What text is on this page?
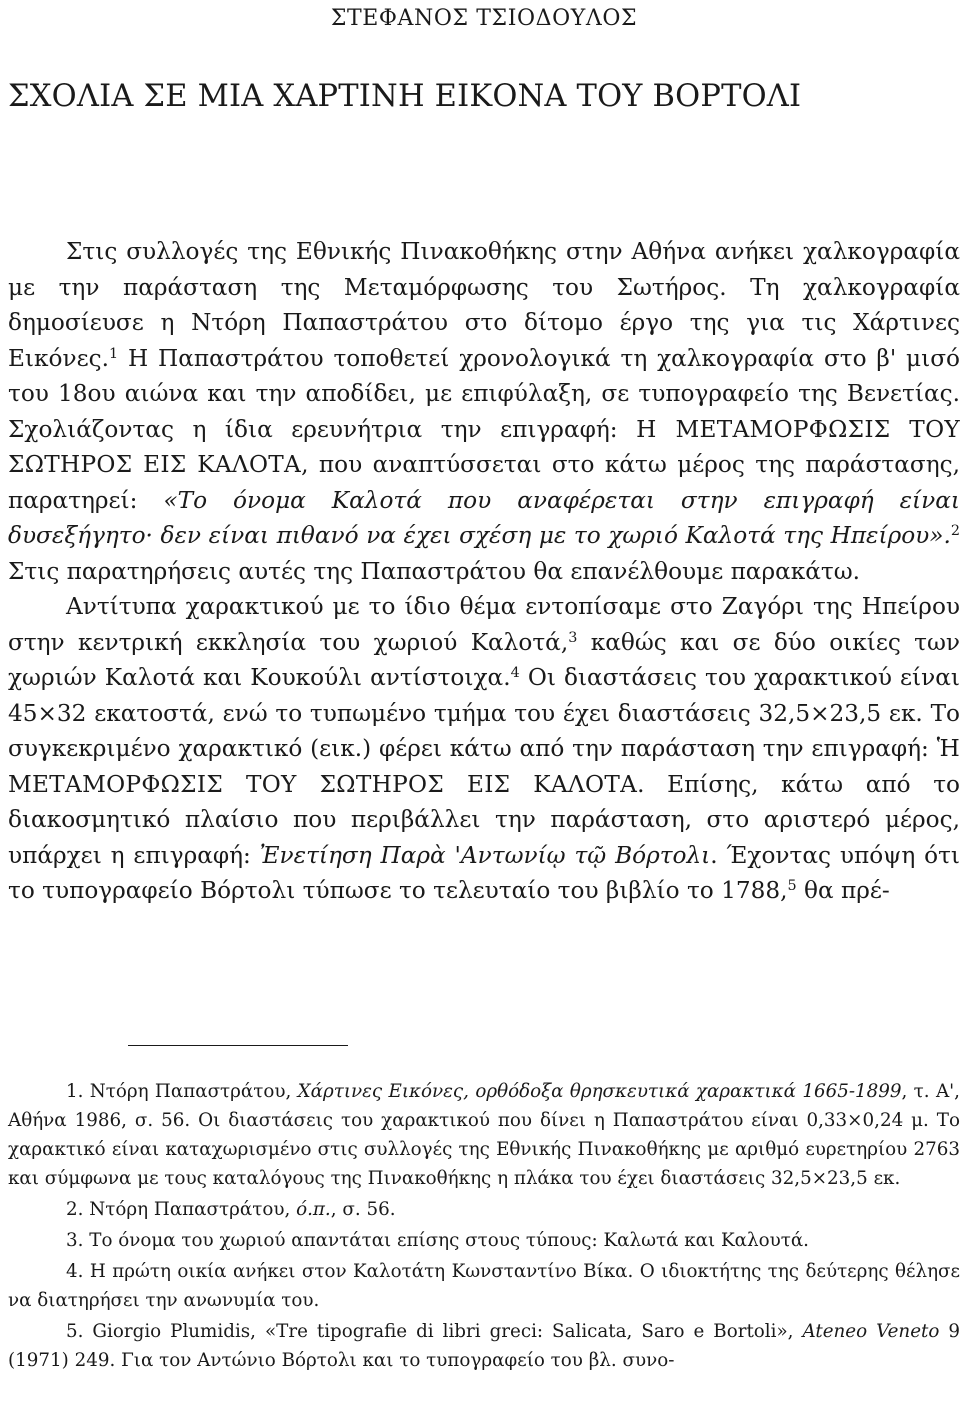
ΣΤΕΦΑΝΟΣ ΤΣΙΟΔΟΥΛΟΣ
ΣΧΟΛΙΑ ΣΕ ΜΙΑ ΧΑΡΤΙΝΗ ΕΙΚΟΝΑ ΤΟΥ ΒΟΡΤΟΛΙ

Στις συλλογές της Εθνικής Πινακοθήκης στην Αθήνα ανήκει χαλκογραφία με την παράσταση της Μεταμόρφωσης του Σωτήρος. Τη χαλκογραφία δημοσίευσε η Ντόρη Παπαστράτου στο δίτομο έργο της για τις Χάρτινες Εικόνες.$^1$ Η Παπαστράτου τοποθετεί χρονολογικά τη χαλκογραφία στο β' μισό του 18ου αιώνα και την αποδίδει, με επιφύλαξη, σε τυπογραφείο της Βενετίας. Σχολιάζοντας η ίδια ερευνήτρια την επιγραφή: Η ΜΕΤΑΜΟΡΦΩΣΙΣ ΤΟΥ ΣΩΤΗΡΟΣ ΕΙΣ ΚΑΛΟΤΑ, που αναπτύσσεται στο κάτω μέρος της παράστασης, παρατηρεί: «Το όνομα Καλοτά που αναφέρεται στην επιγραφή είναι δυσεξήγητο· δεν είναι πιθανό να έχει σχέση με το χωριό Καλοτά της Ηπείρου».$^2$ Στις παρατηρήσεις αυτές της Παπαστράτου θα επανέλθουμε παρακάτω.

Αντίτυπα χαρακτικού με το ίδιο θέμα εντοπίσαμε στο Ζαγόρι της Ηπείρου στην κεντρική εκκλησία του χωριού Καλοτά,$^3$ καθώς και σε δύο οικίες των χωριών Καλοτά και Κουκούλι αντίστοιχα.$^4$ Οι διαστάσεις του χαρακτικού είναι 45×32 εκατοστά, ενώ το τυπωμένο τμήμα του έχει διαστάσεις 32,5×23,5 εκ. Το συγκεκριμένο χαρακτικό (εικ.) φέρει κάτω από την παράσταση την επιγραφή: Ἡ ΜΕΤΑΜΟΡΦΩΣΙΣ ΤΟΥ ΣΩΤΗΡΟΣ ΕΙΣ ΚΑΛΟΤΑ. Επίσης, κάτω από το διακοσμητικό πλαίσιο που περιβάλλει την παράσταση, στο αριστερό μέρος, υπάρχει η επιγραφή: Ἐνετίηση Παρὰ 'Αντωνίῳ τῷ Βόρτολι. Έχοντας υπόψη ότι το τυπογραφείο Βόρτολι τύπωσε το τελευταίο του βιβλίο το 1788,$^5$ θα πρέ-

1. Ντόρη Παπαστράτου, Χάρτινες Εικόνες, ορθόδοξα θρησκευτικά χαρακτικά 1665-1899, τ. Α', Αθήνα 1986, σ. 56. Οι διαστάσεις του χαρακτικού που δίνει η Παπαστράτου είναι 0,33×0,24 μ. Το χαρακτικό είναι καταχωρισμένο στις συλλογές της Εθνικής Πινακοθήκης με αριθμό ευρετηρίου 2763 και σύμφωνα με τους καταλόγους της Πινακοθήκης η πλάκα του έχει διαστάσεις 32,5×23,5 εκ.

2. Ντόρη Παπαστράτου, ό.π., σ. 56.

3. Το όνομα του χωριού απαντάται επίσης στους τύπους: Καλωτά και Καλουτά.

4. Η πρώτη οικία ανήκει στον Καλοτάτη Κωνσταντίνο Βίκα. Ο ιδιοκτήτης της δεύτερης θέλησε να διατηρήσει την ανωνυμία του.

5. Giorgio Plumidis, «Tre tipografie di libri greci: Salicata, Saro e Bortoli», Ateneo Veneto 9 (1971) 249. Για τον Αντώνιο Βόρτολι και το τυπογραφείο του βλ. συνο-
